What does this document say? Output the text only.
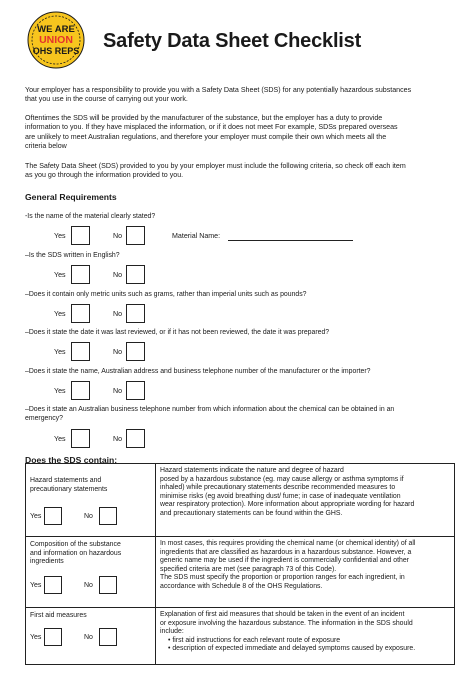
WE ARE
UNION
OHS REPS Safety Data Sheet Checklist
Your employer has a responsibility to provide you with a Safety Data Sheet (SDS) for any potentially hazardous substances
that you use in the course of carrying out your work.
Oftentimes the SDS will be provided by the manufacturer of the substance, but the employer has a duty to provide
information to you. If they have misplaced the information, or if it does not meet For example, SDSs prepared overseas
are unlikely to meet Australian regulations, and therefore your employer must compile their own which meets all the
criteria below
The Safety Data Sheet (SDS) provided to you by your employer must include the following criteria, so check off each item
as you go through the information provided to you.
General Requirements
-Is the name of the material clearly stated?
Yes	No	Material Name:
–Is the SDS written in English?
Yes	No
–Does it contain only metric units such as grams, rather than imperial units such as pounds?
Yes	No
–Does it state the date it was last reviewed, or if it has not been reviewed, the date it was prepared?
Yes	No
–Does it state the name, Australian address and business telephone number of the manufacturer or the importer?
Yes	No
–Does it state an Australian business telephone number from which information about the chemical can be obtained in an
emergency?
Yes	No
Does the SDS contain:
Hazard statements and
precautionary statements
Yes	No
Hazard statements indicate the nature and degree of hazard
posed by a hazardous substance (eg. may cause allergy or asthma symptoms if
inhaled) while precautionary statements describe recommended measures to
minimise risks (eg avoid breathing dust/ fume; in case of inadequate ventilation
wear respiratory protection). More information about appropriate wording for hazard
and precautionary statements can be found within the GHS.
Composition of the substance
and information on hazardous
ingredients
Yes	No
In most cases, this requires providing the chemical name (or chemical identity) of all
ingredients that are classified as hazardous in a hazardous substance. However, a
generic name may be used if the ingredient is commercially confidential and other
specified criteria are met (see paragraph 73 of this Code).
The SDS must specify the proportion or proportion ranges for each ingredient, in
accordance with Schedule 8 of the OHS Regulations.
First aid measures
Yes	No
Explanation of first aid measures that should be taken in the event of an incident
or exposure involving the hazardous substance. The information in the SDS should
include:
• first aid instructions for each relevant route of exposure
• description of expected immediate and delayed symptoms caused by exposure.
